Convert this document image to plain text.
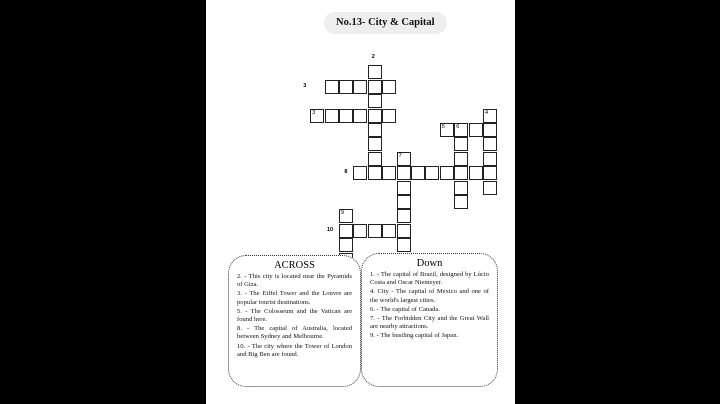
No.13- City & Capital
3
5 6
4
7
9
2
3
8
10
ACROSS
2. - This city is located near the Pyramids of Giza.
3. - The Eiffel Tower and the Louvre are popular tourist destinations.
5. - The Colosseum and the Vatican are found here.
8. - The capital of Australia, located between Sydney and Melbourne.
10. - The city where the Tower of London and Big Ben are found.
Down
1. - The capital of Brazil, designed by Lúcio Costa and Oscar Niemeyer.
4. City - The capital of Mexico and one of the world's largest cities.
6. - The capital of Canada.
7. - The Forbidden City and the Great Wall are nearby attractions.
9. - The bustling capital of Japan.
